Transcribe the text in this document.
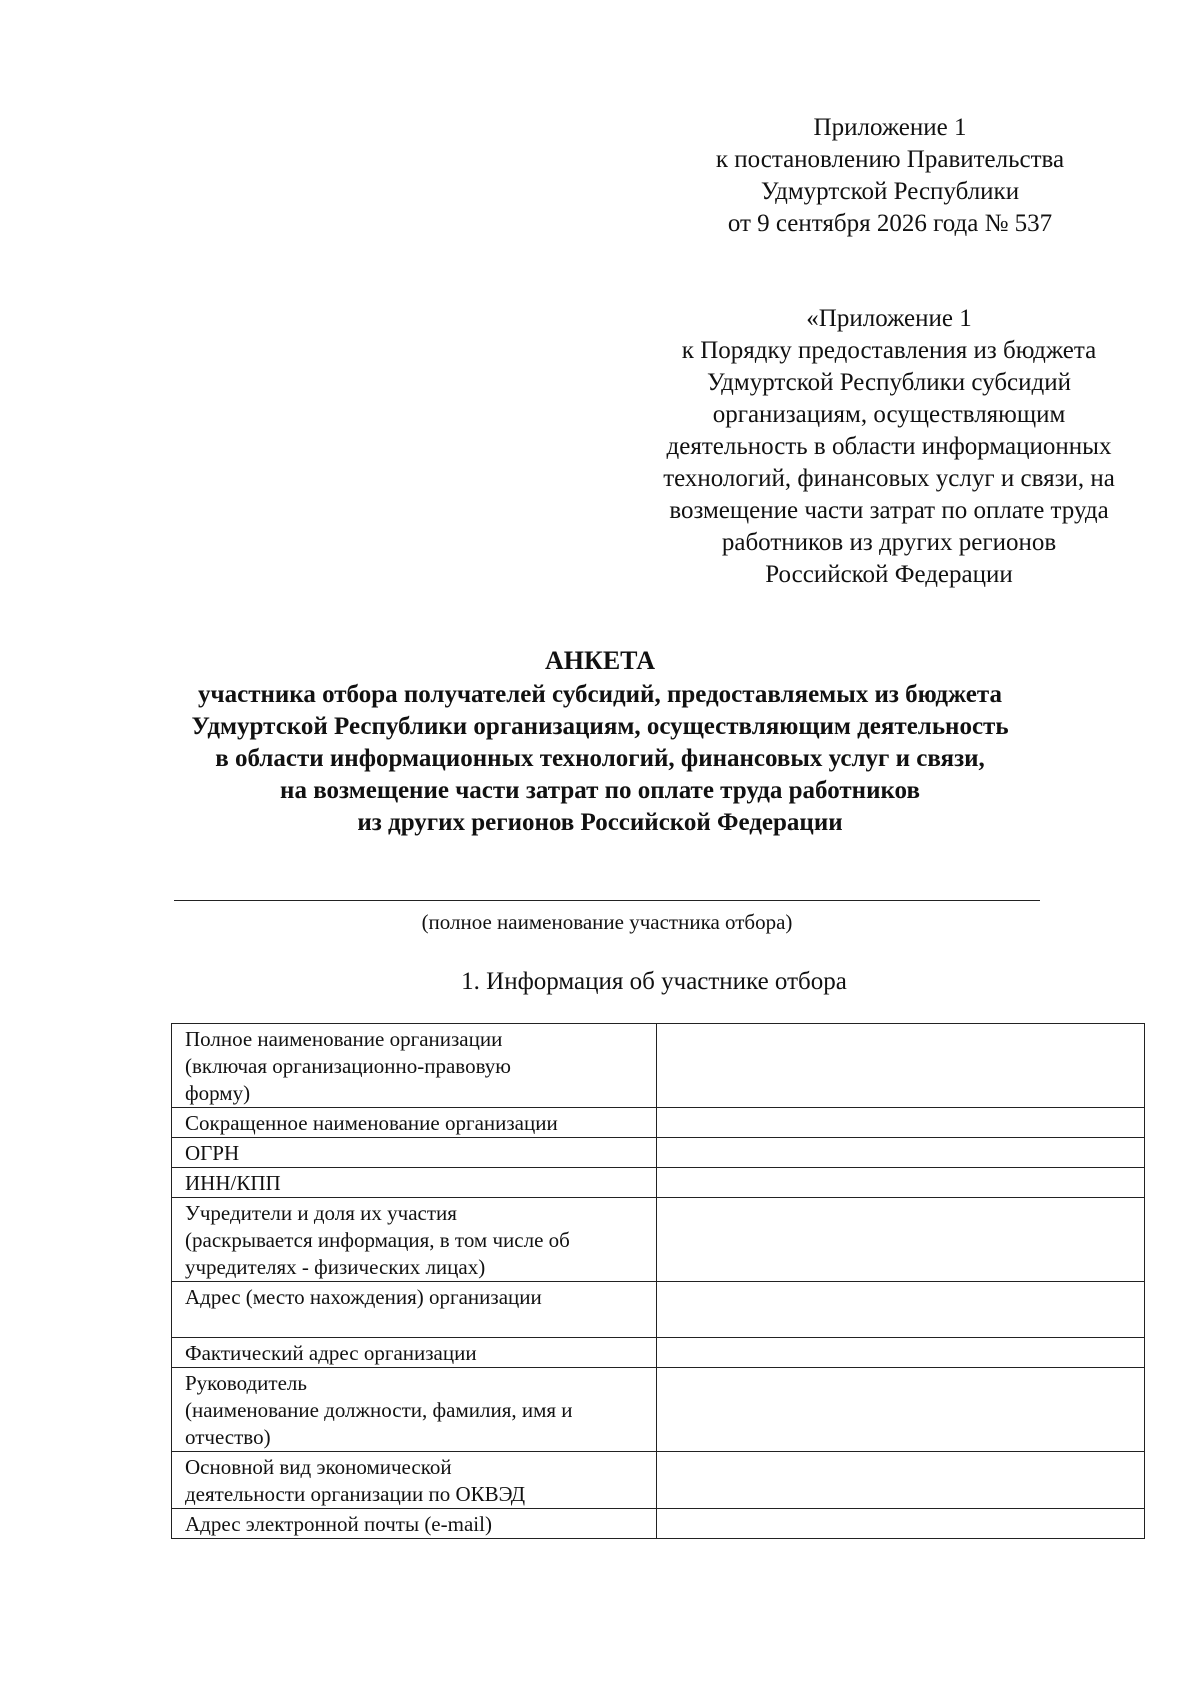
Приложение 1
к постановлению Правительства
Удмуртской Республики
от 9 сентября 2026 года № 537
«Приложение 1
к Порядку предоставления из бюджета
Удмуртской Республики субсидий
организациям, осуществляющим
деятельность в области информационных
технологий, финансовых услуг и связи, на
возмещение части затрат по оплате труда
работников из других регионов
Российской Федерации
АНКЕТА
участника отбора получателей субсидий, предоставляемых из бюджета
Удмуртской Республики организациям, осуществляющим деятельность
в области информационных технологий, финансовых услуг и связи,
на возмещение части затрат по оплате труда работников
из других регионов Российской Федерации
(полное наименование участника отбора)
1. Информация об участнике отбора
Полное наименование организации
(включая организационно-правовую
форму)	

Сокращенное наименование организации	

ОГРН	

ИНН/КПП	

Учредители и доля их участия
(раскрывается информация, в том числе об
учредителях - физических лицах)	

Адрес (место нахождения) организации	

Фактический адрес организации	

Руководитель
(наименование должности, фамилия, имя и
отчество)	

Основной вид экономической
деятельности организации по ОКВЭД	

Адрес электронной почты (e-mail)	
